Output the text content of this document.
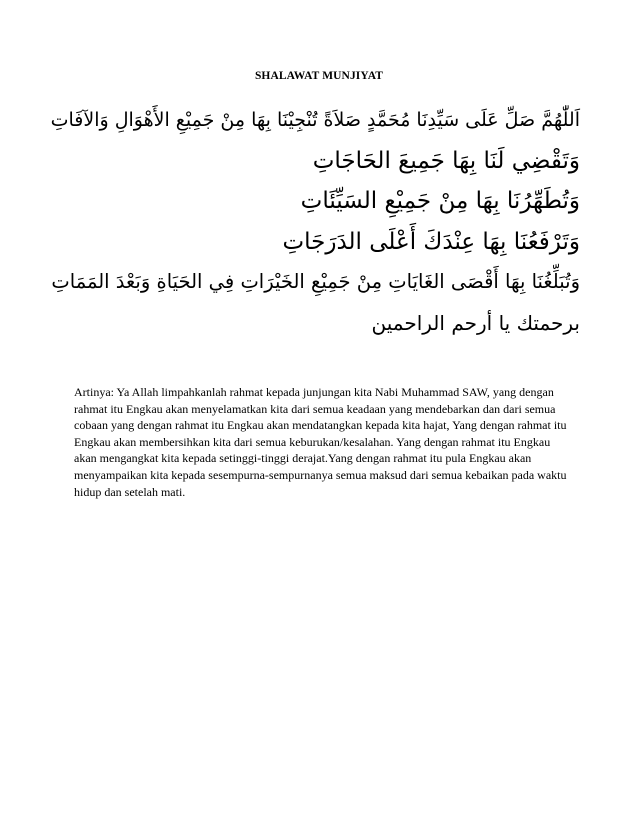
SHALAWAT MUNJIYAT
اَللّٰهُمَّ صَلِّ عَلَى سَيِّدِنَا مُحَمَّدٍ صَلاَةً تُنْجِيْنَا بِهَا مِنْ جَمِيْعِ الأَهْوَالِ وَالآفَاتِ
وَتَقْضِي لَنَا بِهَا جَمِيعَ الحَاجَاتِ
وَتُطَهِّرُنَا بِهَا مِنْ جَمِيْعِ السَيِّئَاتِ
وَتَرْفَعُنَا بِهَا عِنْدَكَ أَعْلَى الدَرَجَاتِ
وَتُبَلِّغُنَا بِهَا أَقْصَى الغَايَاتِ مِنْ جَمِيْعِ الخَيْرَاتِ فِي الحَيَاةِ وَبَعْدَ المَمَاتِ
برحمتك يا أرحم الراحمين
Artinya: Ya Allah limpahkanlah rahmat kepada junjungan kita Nabi Muhammad SAW, yang dengan rahmat itu Engkau akan menyelamatkan kita dari semua keadaan yang mendebarkan dan dari semua cobaan yang dengan rahmat itu Engkau akan mendatangkan kepada kita hajat, Yang dengan rahmat itu Engkau akan membersihkan kita dari semua keburukan/kesalahan. Yang dengan rahmat itu Engkau akan mengangkat kita kepada setinggi-tinggi derajat.Yang dengan rahmat itu pula Engkau akan menyampaikan kita kepada sesempurna-sempurnanya semua maksud dari semua kebaikan pada waktu hidup dan setelah mati.
